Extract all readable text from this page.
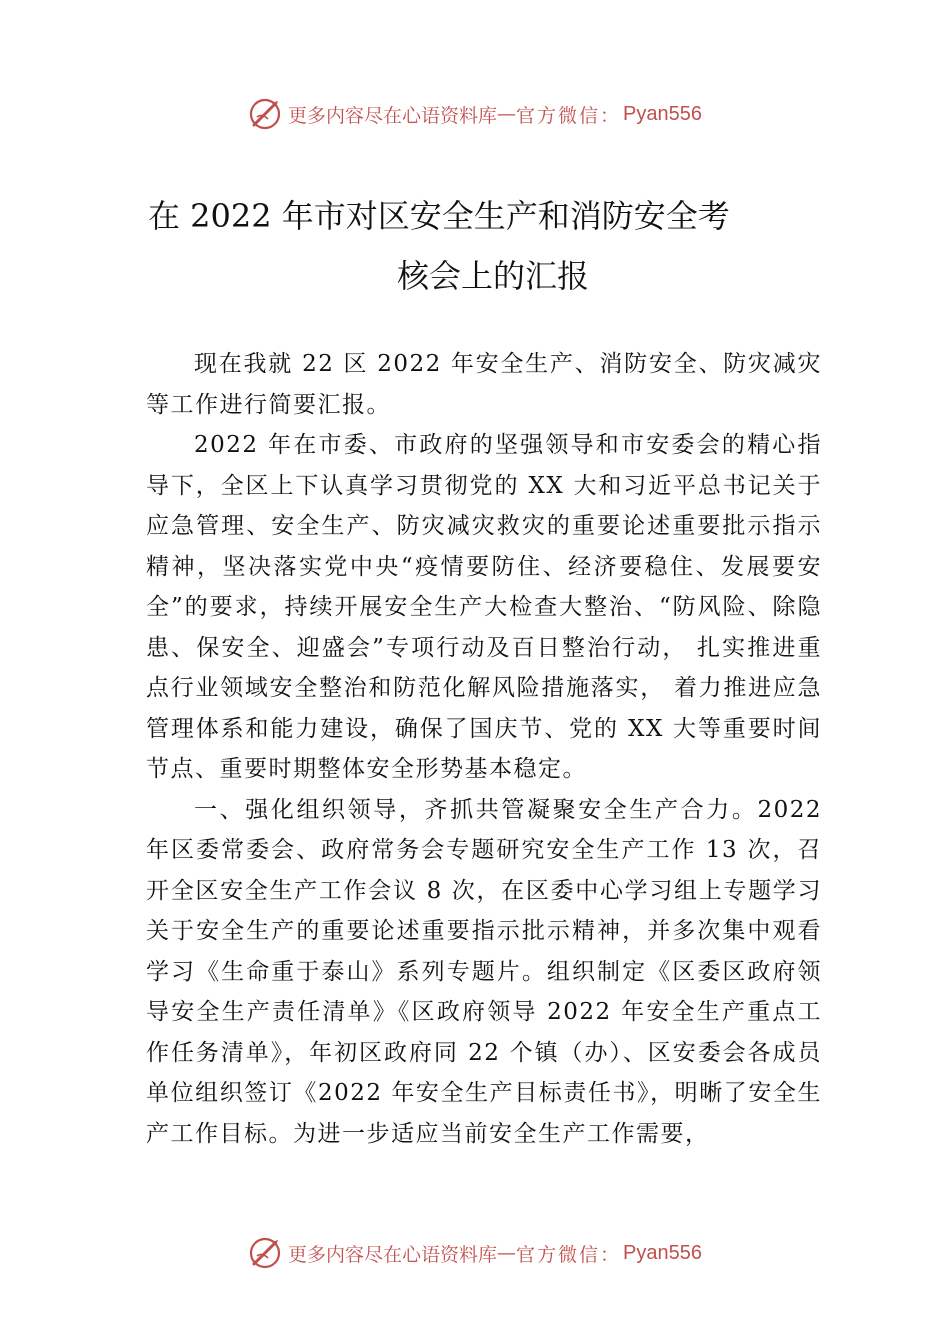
更多内容尽在心语资料库 — 官方微信： Pyan556
在 2022 年市对区安全生产和消防安全考
核会上的汇报

现在我就 22 区 2022 年安全生产、消防安全、防灾减灾等工作进行简要汇报。

2022 年在市委、市政府的坚强领导和市安委会的精心指导下，全区上下认真学习贯彻党的 XX 大和习近平总书记关于应急管理、安全生产、防灾减灾救灾的重要论述重要批示指示精神，坚决落实党中央“疫情要防住、经济要稳住、发展要安全”的要求，持续开展安全生产大检查大整治、“防风险、除隐患、保安全、迎盛会”专项行动及百日整治行动， 扎实推进重点行业领域安全整治和防范化解风险措施落实， 着力推进应急管理体系和能力建设，确保了国庆节、党的 XX 大等重要时间节点、重要时期整体安全形势基本稳定。

一、强化组织领导，齐抓共管凝聚安全生产合力。2022 年区委常委会、政府常务会专题研究安全生产工作 13 次，召开全区安全生产工作会议 8 次，在区委中心学习组上专题学习关于安全生产的重要论述重要指示批示精神，并多次集中观看学习《生命重于泰山》系列专题片。组织制定《区委区政府领导安全生产责任清单》《区政府领导 2022 年安全生产重点工作任务清单》，年初区政府同 22 个镇（办）、区安委会各成员单位组织签订《2022 年安全生产目标责任书》，明晰了安全生产工作目标。为进一步适应当前安全生产工作需要，

更多内容尽在心语资料库 — 官方微信： Pyan556
